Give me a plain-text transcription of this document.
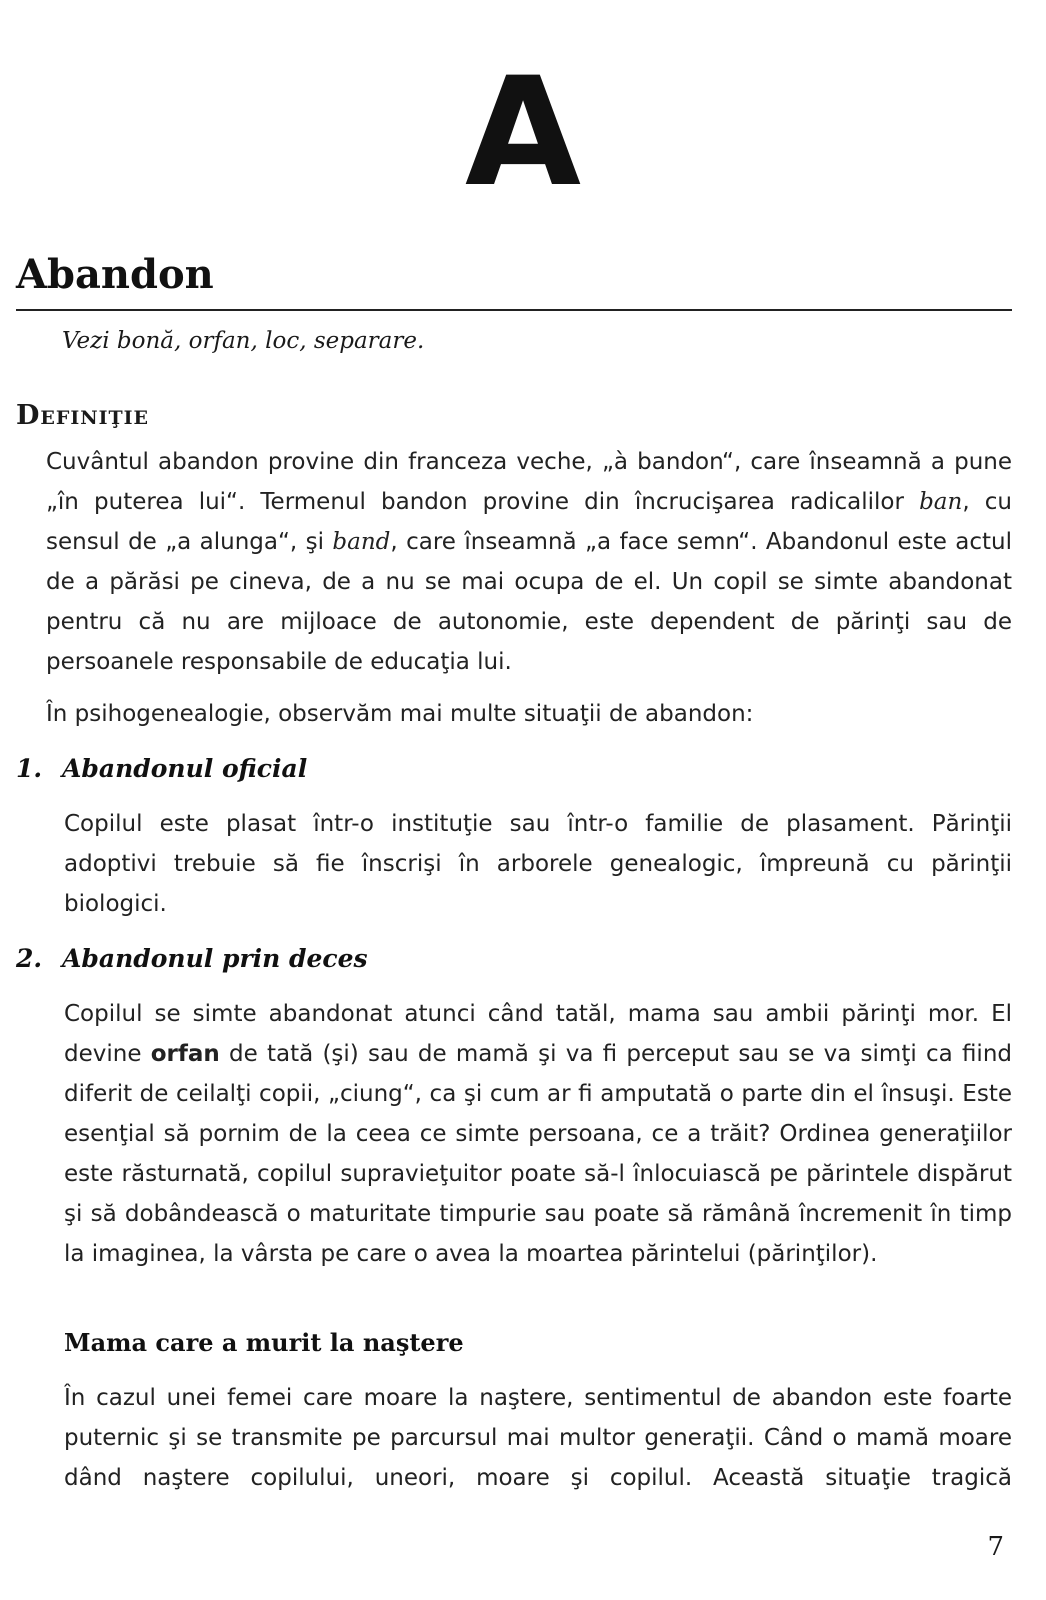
A
Abandon
Vezi bonă, orfan, loc, separare.
Definiţie
Cuvântul abandon provine din franceza veche, „à bandon“, care înseamnă a pune „în puterea lui“. Termenul bandon provine din încrucişarea radicalilor ban, cu sensul de „a alunga“, şi band, care înseamnă „a face semn“. Abandonul este actul de a părăsi pe cineva, de a nu se mai ocupa de el. Un copil se simte abandonat pentru că nu are mijloace de autonomie, este dependent de părinţi sau de persoanele responsabile de educaţia lui.
În psihogenealogie, observăm mai multe situaţii de abandon:
1. Abandonul oficial
Copilul este plasat într-o instituţie sau într-o familie de plasament. Părinţii adoptivi trebuie să fie înscrişi în arborele genealogic, împreună cu părinţii biologici.
2. Abandonul prin deces
Copilul se simte abandonat atunci când tatăl, mama sau ambii părinţi mor. El devine orfan de tată (şi) sau de mamă şi va fi perceput sau se va simţi ca fiind diferit de ceilalţi copii, „ciung“, ca şi cum ar fi amputată o parte din el însuşi. Este esenţial să pornim de la ceea ce simte persoana, ce a trăit? Ordinea generaţiilor este răsturnată, copilul supravieţuitor poate să-l înlocuiască pe părintele dispărut şi să dobândească o maturitate timpurie sau poate să rămână încremenit în timp la imaginea, la vârsta pe care o avea la moartea părintelui (părinţilor).
Mama care a murit la naştere
În cazul unei femei care moare la naştere, sentimentul de abandon este foarte puternic şi se transmite pe parcursul mai multor generaţii. Când o mamă moare dând naştere copilului, uneori, moare şi copilul. Această situaţie tragică
7
